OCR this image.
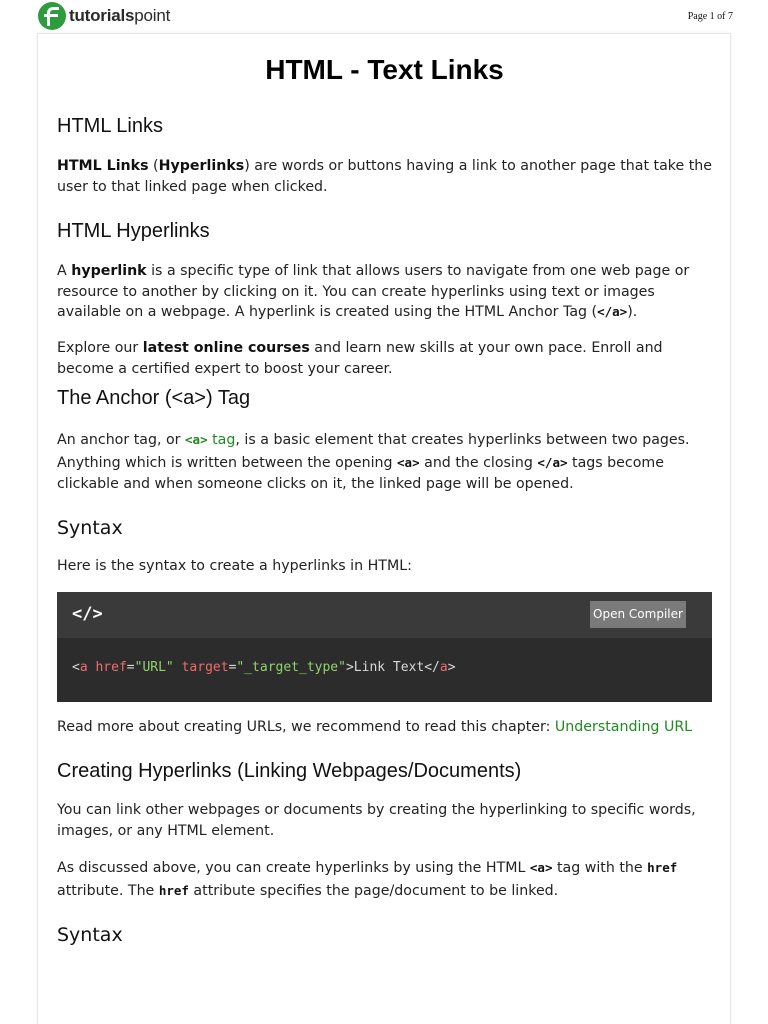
tutorialspoint	Page 1 of 7
HTML - Text Links
HTML Links

HTML Links (Hyperlinks) are words or buttons having a link to another page that take the user to that linked page when clicked.

HTML Hyperlinks

A hyperlink is a specific type of link that allows users to navigate from one web page or resource to another by clicking on it. You can create hyperlinks using text or images available on a webpage. A hyperlink is created using the HTML Anchor Tag (</a>).

Explore our latest online courses and learn new skills at your own pace. Enroll and become a certified expert to boost your career.

The Anchor (<a>) Tag

An anchor tag, or <a> tag, is a basic element that creates hyperlinks between two pages. Anything which is written between the opening <a> and the closing </a> tags become clickable and when someone clicks on it, the linked page will be opened.

Syntax

Here is the syntax to create a hyperlinks in HTML:

</>	Open Compiler
<a href="URL" target="_target_type">Link Text</a>

Read more about creating URLs, we recommend to read this chapter: Understanding URL

Creating Hyperlinks (Linking Webpages/Documents)

You can link other webpages or documents by creating the hyperlinking to specific words, images, or any HTML element.

As discussed above, you can create hyperlinks by using the HTML <a> tag with the href attribute. The href attribute specifies the page/document to be linked.

Syntax
